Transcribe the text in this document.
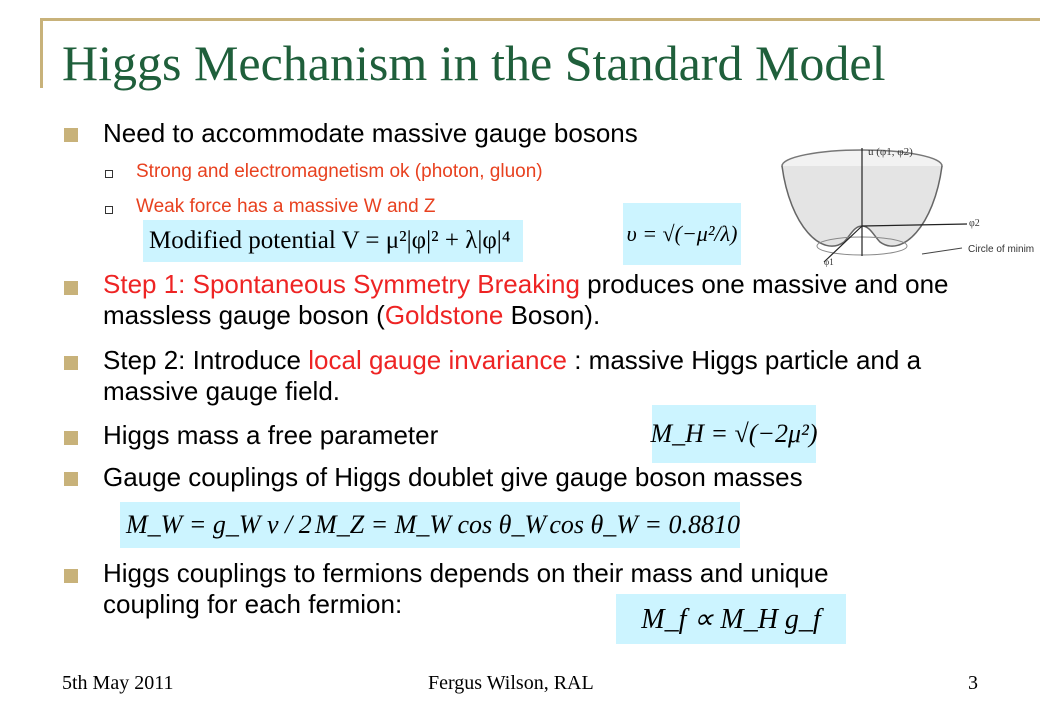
Higgs Mechanism in the Standard Model
Need to accommodate massive gauge bosons
Strong and electromagnetism ok (photon, gluon)
Weak force has a massive W and Z
Modified potential V = μ²|φ|² + λ|φ|⁴	υ = √(−μ²/λ)
u (φ1, φ2)
φ2
φ1
Circle of minim
Step 1: Spontaneous Symmetry Breaking produces one massive and one massless gauge boson (Goldstone Boson).
Step 2: Introduce local gauge invariance : massive Higgs particle and a massive gauge field.
Higgs mass a free parameter	M_H = √(−2μ²)
Gauge couplings of Higgs doublet give gauge boson masses
M_W = g_W ν / 2 M_Z = M_W cos θ_W cos θ_W = 0.8810
Higgs couplings to fermions depends on their mass and unique coupling for each fermion:	M_f ∝ M_H g_f
5th May 2011	Fergus Wilson, RAL	3
